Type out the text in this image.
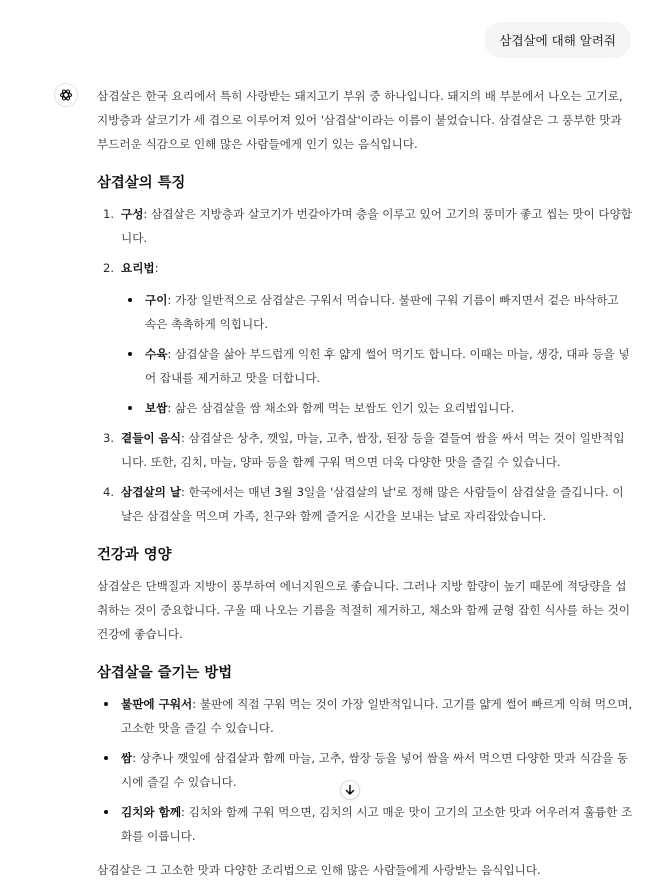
삼겹살에 대해 알려줘

삼겹살은 한국 요리에서 특히 사랑받는 돼지고기 부위 중 하나입니다. 돼지의 배 부분에서 나오는 고기로, 지방층과 살코기가 세 겹으로 이루어져 있어 '삼겹살'이라는 이름이 붙었습니다. 삼겹살은 그 풍부한 맛과 부드러운 식감으로 인해 많은 사람들에게 인기 있는 음식입니다.

삼겹살의 특징
1. 구성: 삼겹살은 지방층과 살코기가 번갈아가며 층을 이루고 있어 고기의 풍미가 좋고 씹는 맛이 다양합니다.
2. 요리법:
구이: 가장 일반적으로 삼겹살은 구워서 먹습니다. 불판에 구워 기름이 빠지면서 겉은 바삭하고 속은 촉촉하게 익힙니다.
수육: 삼겹살을 삶아 부드럽게 익힌 후 얇게 썰어 먹기도 합니다. 이때는 마늘, 생강, 대파 등을 넣어 잡내를 제거하고 맛을 더합니다.
보쌈: 삶은 삼겹살을 쌈 채소와 함께 먹는 보쌈도 인기 있는 요리법입니다.
3. 곁들이 음식: 삼겹살은 상추, 깻잎, 마늘, 고추, 쌈장, 된장 등을 곁들여 쌈을 싸서 먹는 것이 일반적입니다. 또한, 김치, 마늘, 양파 등을 함께 구워 먹으면 더욱 다양한 맛을 즐길 수 있습니다.
4. 삼겹살의 날: 한국에서는 매년 3월 3일을 '삼겹살의 날'로 정해 많은 사람들이 삼겹살을 즐깁니다. 이 날은 삼겹살을 먹으며 가족, 친구와 함께 즐거운 시간을 보내는 날로 자리잡았습니다.
건강과 영양

삼겹살은 단백질과 지방이 풍부하여 에너지원으로 좋습니다. 그러나 지방 함량이 높기 때문에 적당량을 섭취하는 것이 중요합니다. 구울 때 나오는 기름을 적절히 제거하고, 채소와 함께 균형 잡힌 식사를 하는 것이 건강에 좋습니다.

삼겹살을 즐기는 방법
불판에 구워서: 불판에 직접 구워 먹는 것이 가장 일반적입니다. 고기를 얇게 썰어 빠르게 익혀 먹으며, 고소한 맛을 즐길 수 있습니다.
쌈: 상추나 깻잎에 삼겹살과 함께 마늘, 고추, 쌈장 등을 넣어 쌈을 싸서 먹으면 다양한 맛과 식감을 동시에 즐길 수 있습니다.
김치와 함께: 김치와 함께 구워 먹으면, 김치의 시고 매운 맛이 고기의 고소한 맛과 어우러져 훌륭한 조화를 이룹니다.

삼겹살은 그 고소한 맛과 다양한 조리법으로 인해 많은 사람들에게 사랑받는 음식입니다.
